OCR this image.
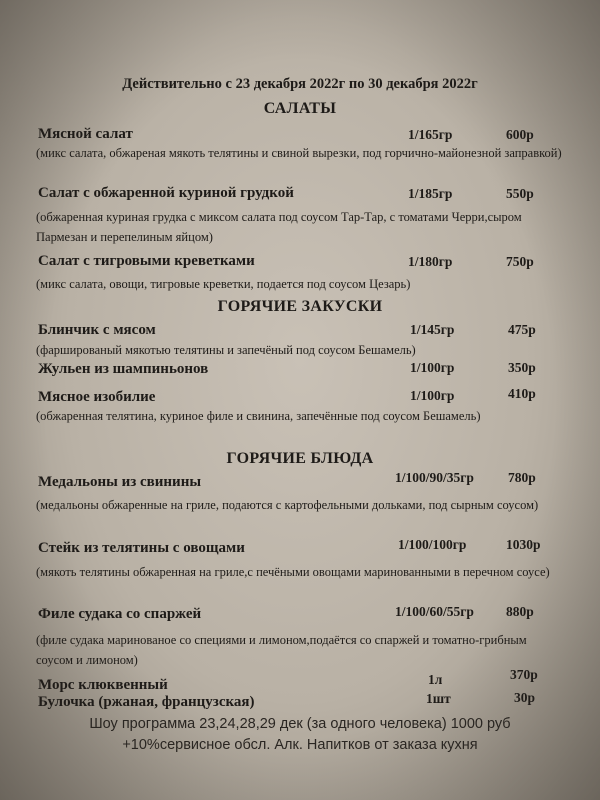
Действительно с 23 декабря 2022г по 30 декабря 2022г
САЛАТЫ
Мясной салат	1/165гр	600р
(микс салата, обжареная мякоть телятины и свиной вырезки, под горчично-майонезной заправкой)
Салат с обжаренной куриной грудкой	1/185гр	550р
(обжаренная куриная грудка с миксом салата под соусом Тар-Тар, с томатами Черри,сыром Пармезан и перепелиным яйцом)
Салат с тигровыми креветками	1/180гр	750р
(микс салата, овощи, тигровые креветки, подается под соусом Цезарь)
ГОРЯЧИЕ ЗАКУСКИ
Блинчик с мясом	1/145гр	475р
(фаршированый мякотью телятины и запечёный под соусом Бешамель)
Жульен из шампиньонов	1/100гр	350р
Мясное изобилие	1/100гр	410р
(обжаренная телятина, куриное филе и свинина, запечённые под соусом Бешамель)
ГОРЯЧИЕ БЛЮДА
Медальоны из свинины	1/100/90/35гр	780р
(медальоны обжаренные на гриле, подаются с картофельными дольками, под сырным соусом)
Стейк из телятины с овощами	1/100/100гр	1030р
(мякоть телятины обжаренная на гриле,с печёными овощами маринованными в перечном соусе)
Филе судака со спаржей	1/100/60/55гр 880р
(филе судака маринованое со специями и лимоном,подаётся со спаржей и томатно-грибным соусом и лимоном)
Морс клюквенный	1л	370р
Булочка (ржаная, французская)	1шт	30р
Шоу программа 23,24,28,29 дек (за одного человека) 1000 руб
+10%сервисное обсл. Алк. Напитков от заказа кухня
